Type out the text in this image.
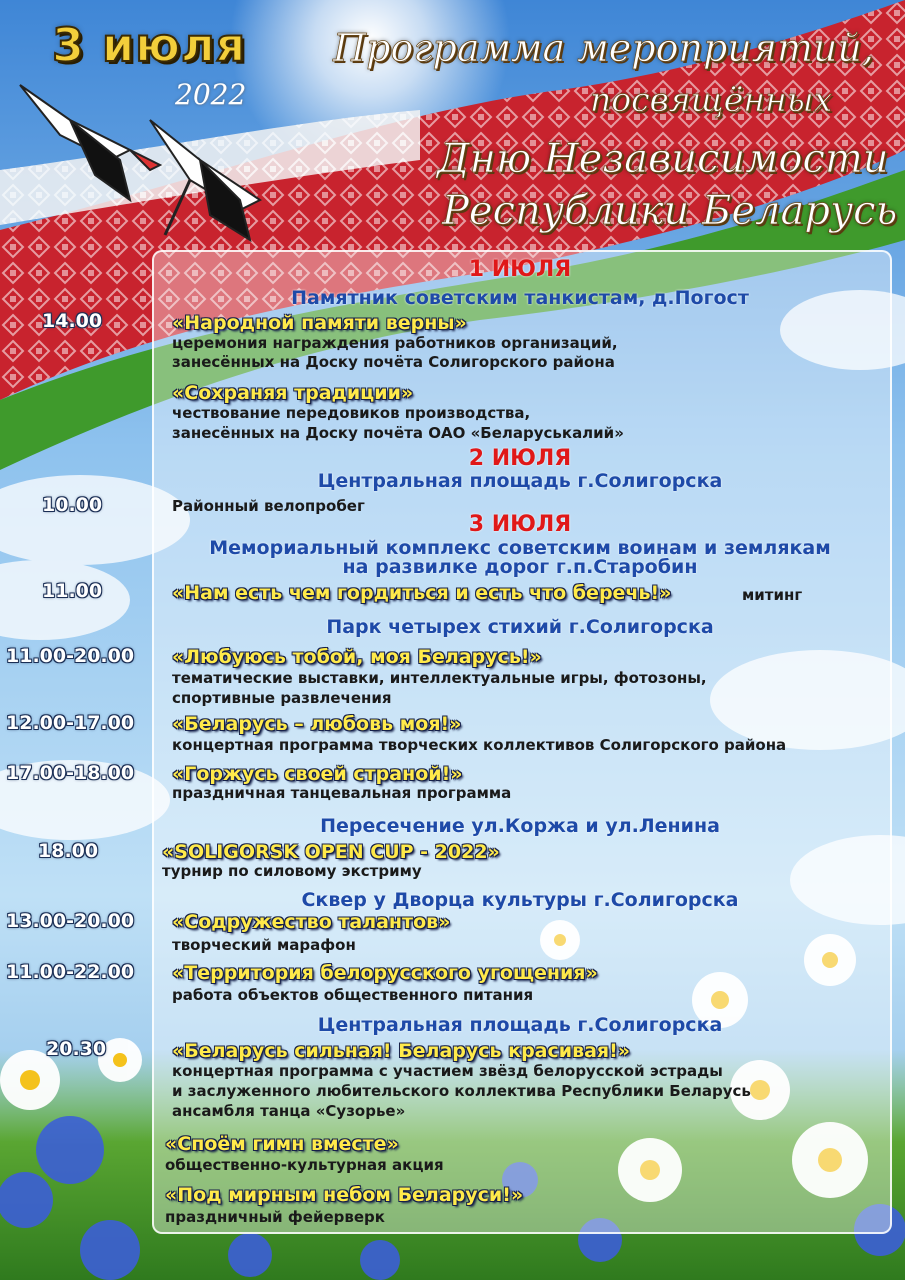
3 июля
2022
Программа мероприятий,
посвящённых
Дню Независимости
Республики Беларусь
1 ИЮЛЯ
Памятник советским танкистам, д.Погост
14.00	«Народной памяти верны»
церемония награждения работников организаций,
занесённых на Доску почёта Солигорского района
«Сохраняя традиции»
чествование передовиков производства,
занесённых на Доску почёта ОАО «Беларуськалий»
2 ИЮЛЯ
Центральная площадь г.Солигорска
10.00	Районный велопробег
3 ИЮЛЯ
Мемориальный комплекс советским воинам и землякам
на развилке дорог г.п.Старобин
11.00	«Нам есть чем гордиться и есть что беречь!»	митинг
Парк четырех стихий г.Солигорска
11.00-20.00 «Любуюсь тобой, моя Беларусь!»
тематические выставки, интеллектуальные игры, фотозоны,
спортивные развлечения
12.00-17.00 «Беларусь – любовь моя!»
концертная программа творческих коллективов Солигорского района
17.00-18.00 «Горжусь своей страной!»
праздничная танцевальная программа
Пересечение ул.Коржа и ул.Ленина
18.00	«SOLIGORSK OPEN CUP - 2022»
турнир по силовому экстриму
Сквер у Дворца культуры г.Солигорска
13.00-20.00 «Содружество талантов»
творческий марафон
11.00-22.00 «Территория белорусского угощения»
работа объектов общественного питания
Центральная площадь г.Солигорска
20.30	«Беларусь сильная! Беларусь красивая!»
концертная программа с участием звёзд белорусской эстрады
и заслуженного любительского коллектива Республики Беларусь
ансамбля танца «Сузорье»
«Споём гимн вместе»
общественно-культурная акция
«Под мирным небом Беларуси!»
праздничный фейерверк
